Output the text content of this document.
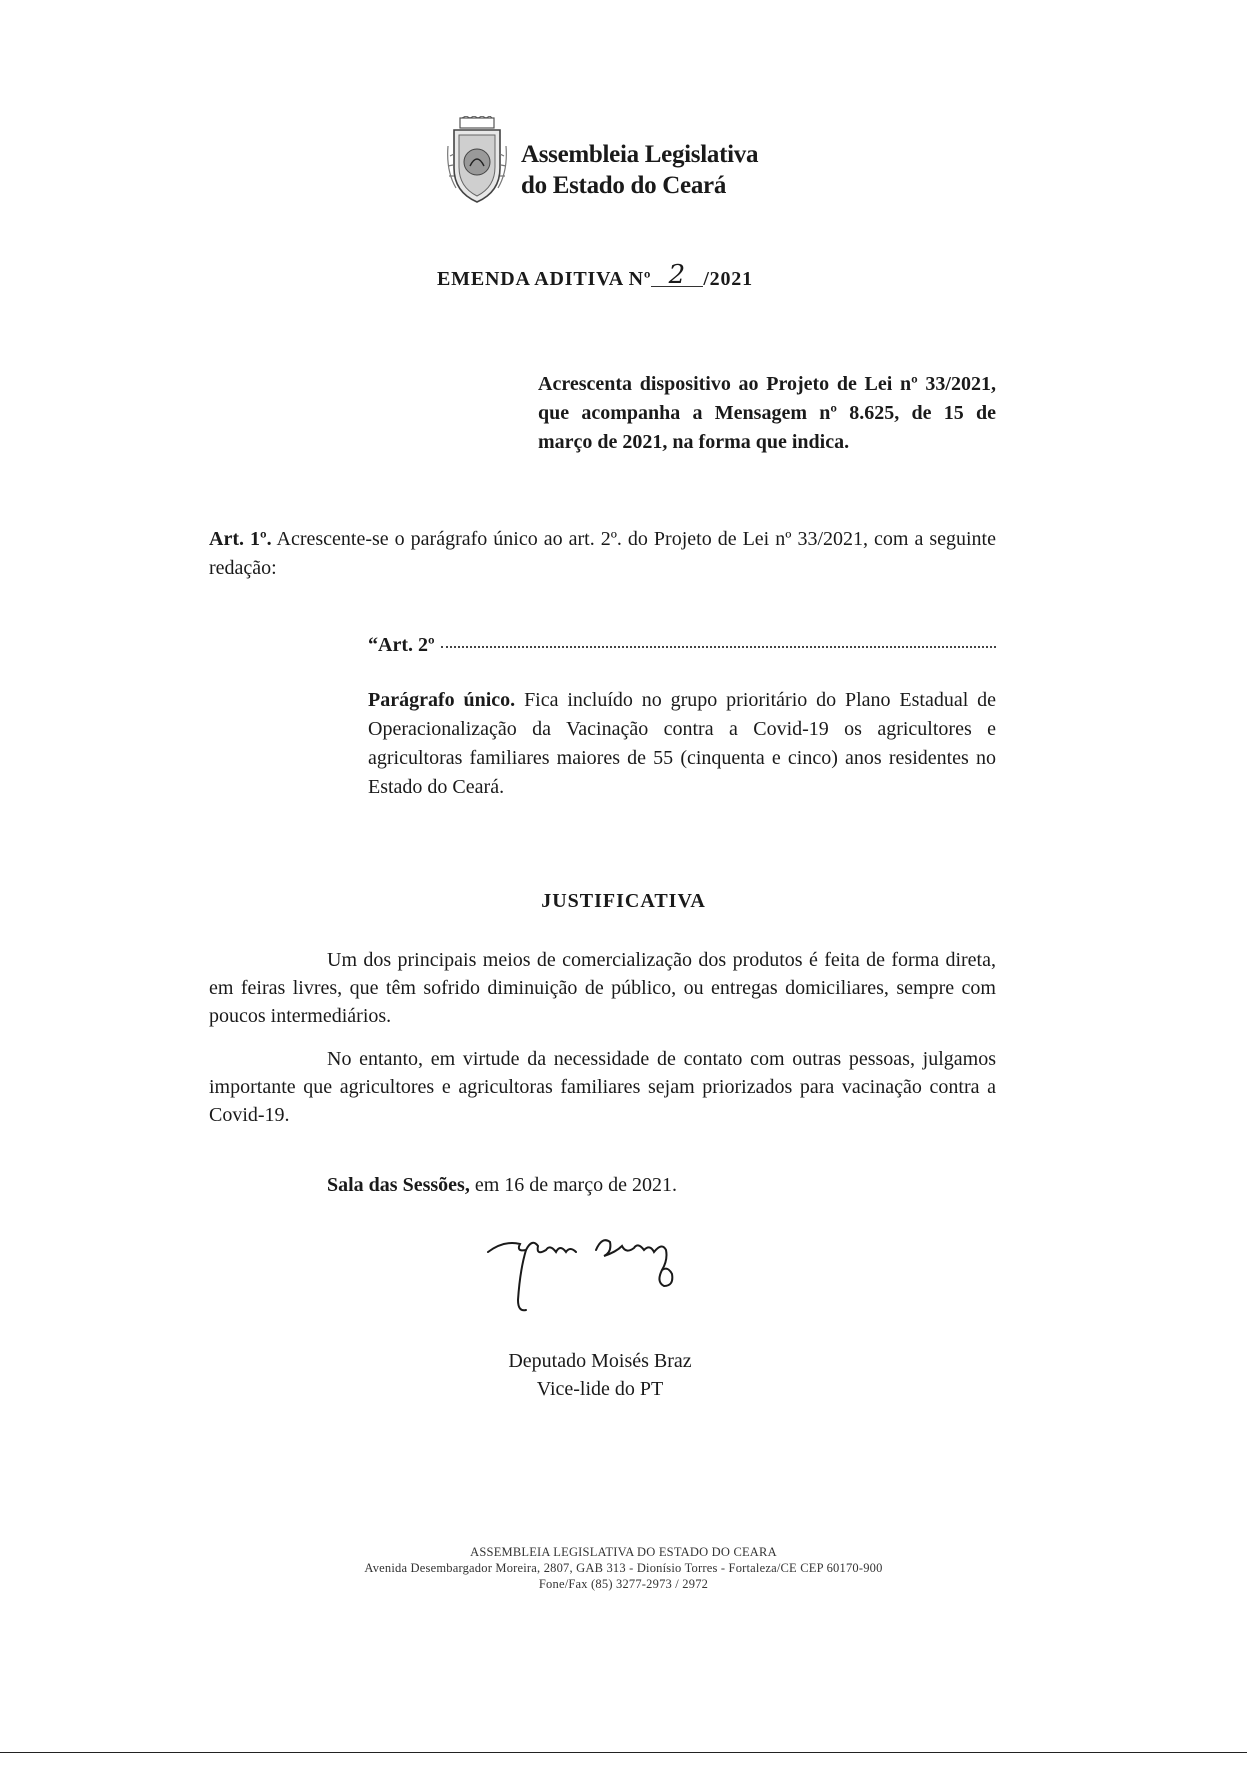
Assembleia Legislativa
do Estado do Ceará
EMENDA ADITIVA Nº 2 /2021
Acrescenta dispositivo ao Projeto de Lei nº 33/2021, que acompanha a Mensagem nº 8.625, de 15 de março de 2021, na forma que indica.
Art. 1º. Acrescente-se o parágrafo único ao art. 2º. do Projeto de Lei nº 33/2021, com a seguinte redação:
“Art. 2º
Parágrafo único. Fica incluído no grupo prioritário do Plano Estadual de Operacionalização da Vacinação contra a Covid-19 os agricultores e agricultoras familiares maiores de 55 (cinquenta e cinco) anos residentes no Estado do Ceará.
JUSTIFICATIVA
Um dos principais meios de comercialização dos produtos é feita de forma direta, em feiras livres, que têm sofrido diminuição de público, ou entregas domiciliares, sempre com poucos intermediários.
No entanto, em virtude da necessidade de contato com outras pessoas, julgamos importante que agricultores e agricultoras familiares sejam priorizados para vacinação contra a Covid-19.
Sala das Sessões, em 16 de março de 2021.
Deputado Moisés Braz
Vice-lide do PT
ASSEMBLEIA LEGISLATIVA DO ESTADO DO CEARA
Avenida Desembargador Moreira, 2807, GAB 313 - Dionísio Torres - Fortaleza/CE CEP 60170-900
Fone/Fax (85) 3277-2973 / 2972
